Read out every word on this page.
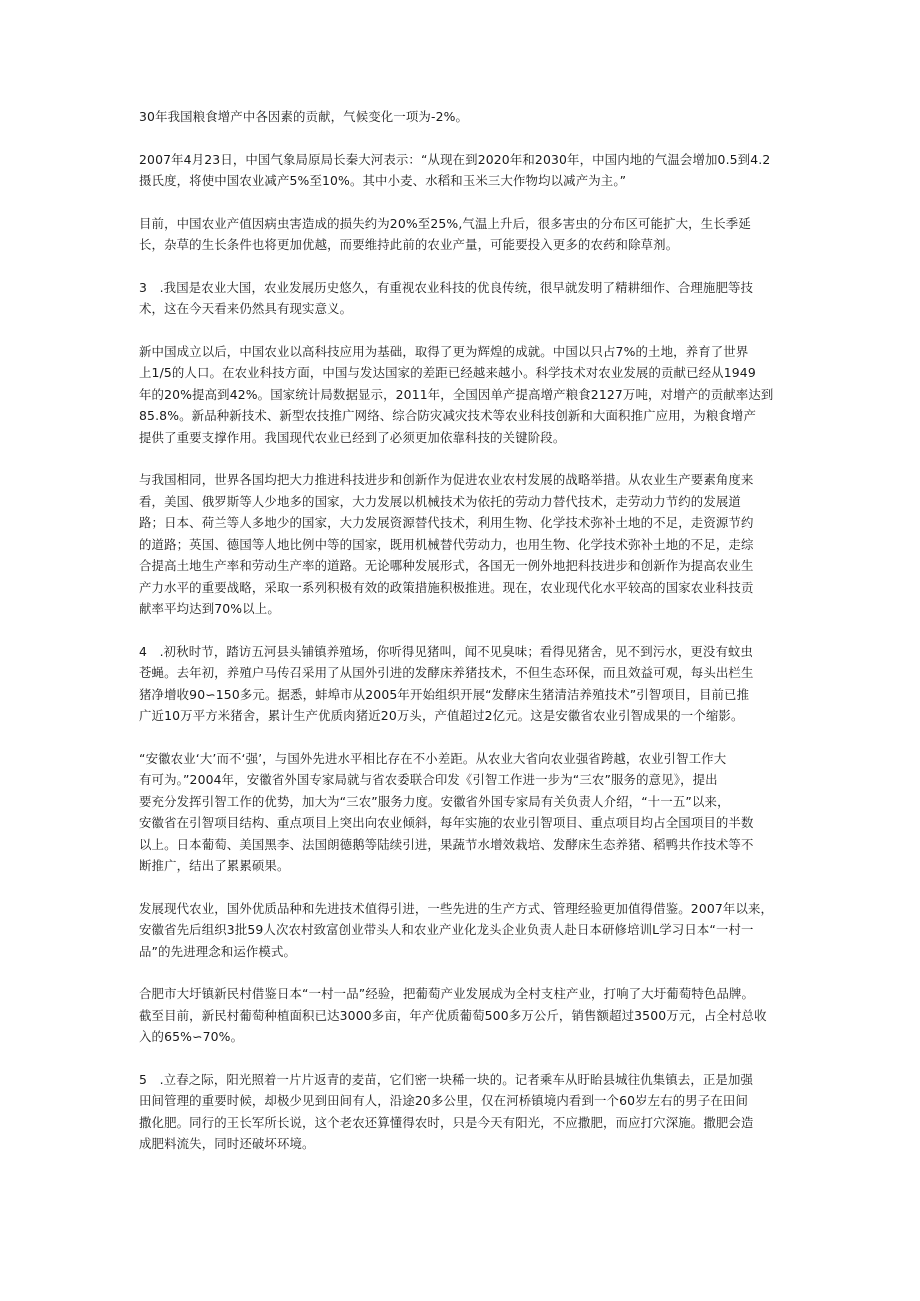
30年我国粮食增产中各因素的贡献，气候变化一项为-2%。

2007年4月23日，中国气象局原局长秦大河表示：“从现在到2020年和2030年，中国内地的气温会增加0.5到4.2
摄氏度，将使中国农业减产5%至10%。其中小麦、水稻和玉米三大作物均以减产为主。”

目前，中国农业产值因病虫害造成的损失约为20%至25%,气温上升后，很多害虫的分布区可能扩大，生长季延
长，杂草的生长条件也将更加优越，而要维持此前的农业产量，可能要投入更多的农药和除草剂。

3　.我国是农业大国，农业发展历史悠久，有重视农业科技的优良传统，很早就发明了精耕细作、合理施肥等技
术，这在今天看来仍然具有现实意义。

新中国成立以后，中国农业以高科技应用为基础，取得了更为辉煌的成就。中国以只占7%的土地，养育了世界
上1/5的人口。在农业科技方面，中国与发达国家的差距已经越来越小。科学技术对农业发展的贡献已经从1949
年的20%提高到42%。国家统计局数据显示，2011年，全国因单产提高增产粮食2127万吨，对增产的贡献率达到
85.8%。新品种新技术、新型农技推广网络、综合防灾减灾技术等农业科技创新和大面积推广应用，为粮食增产
提供了重要支撑作用。我国现代农业已经到了必须更加依靠科技的关键阶段。

与我国相同，世界各国均把大力推进科技进步和创新作为促进农业农村发展的战略举措。从农业生产要素角度来
看，美国、俄罗斯等人少地多的国家，大力发展以机械技术为依托的劳动力替代技术，走劳动力节约的发展道
路；日本、荷兰等人多地少的国家，大力发展资源替代技术，利用生物、化学技术弥补土地的不足，走资源节约
的道路；英国、德国等人地比例中等的国家，既用机械替代劳动力，也用生物、化学技术弥补土地的不足，走综
合提高土地生产率和劳动生产率的道路。无论哪种发展形式，各国无一例外地把科技进步和创新作为提高农业生
产力水平的重要战略，采取一系列积极有效的政策措施积极推进。现在，农业现代化水平较高的国家农业科技贡
献率平均达到70%以上。

4　.初秋时节，踏访五河县头铺镇养殖场，你听得见猪叫，闻不见臭味；看得见猪舍，见不到污水，更没有蚊虫
苍蝇。去年初，养殖户马传召采用了从国外引进的发酵床养猪技术，不但生态环保，而且效益可观，每头出栏生
猪净增收90∽150多元。据悉，蚌埠市从2005年开始组织开展“发酵床生猪清洁养殖技术”引智项目，目前已推
广近10万平方米猪舍，累计生产优质肉猪近20万头，产值超过2亿元。这是安徽省农业引智成果的一个缩影。

“安徽农业‘大’而不‘强’，与国外先进水平相比存在不小差距。从农业大省向农业强省跨越，农业引智工作大
有可为。”2004年，安徽省外国专家局就与省农委联合印发《引智工作进一步为“三农”服务的意见》，提出
要充分发挥引智工作的优势，加大为“三农”服务力度。安徽省外国专家局有关负责人介绍，“十一五”以来，
安徽省在引智项目结构、重点项目上突出向农业倾斜，每年实施的农业引智项目、重点项目均占全国项目的半数
以上。日本葡萄、美国黑李、法国朗德鹅等陆续引进，果蔬节水增效栽培、发酵床生态养猪、稻鸭共作技术等不
断推广，结出了累累硕果。

发展现代农业，国外优质品种和先进技术值得引进，一些先进的生产方式、管理经验更加值得借鉴。2007年以来，
安徽省先后组织3批59人次农村致富创业带头人和农业产业化龙头企业负责人赴日本研修培训L学习日本“一村一
品”的先进理念和运作模式。

合肥市大圩镇新民村借鉴日本“一村一品”经验，把葡萄产业发展成为全村支柱产业，打响了大圩葡萄特色品牌。
截至目前，新民村葡萄种植面积已达3000多亩，年产优质葡萄500多万公斤，销售额超过3500万元，占全村总收
入的65%∽70%。

5　.立春之际，阳光照着一片片返青的麦苗，它们密一块稀一块的。记者乘车从盱眙县城往仇集镇去，正是加强
田间管理的重要时候，却极少见到田间有人，沿途20多公里，仅在河桥镇境内看到一个60岁左右的男子在田间
撒化肥。同行的王长军所长说，这个老农还算懂得农时，只是今天有阳光，不应撒肥，而应打穴深施。撒肥会造
成肥料流失，同时还破坏环境。
